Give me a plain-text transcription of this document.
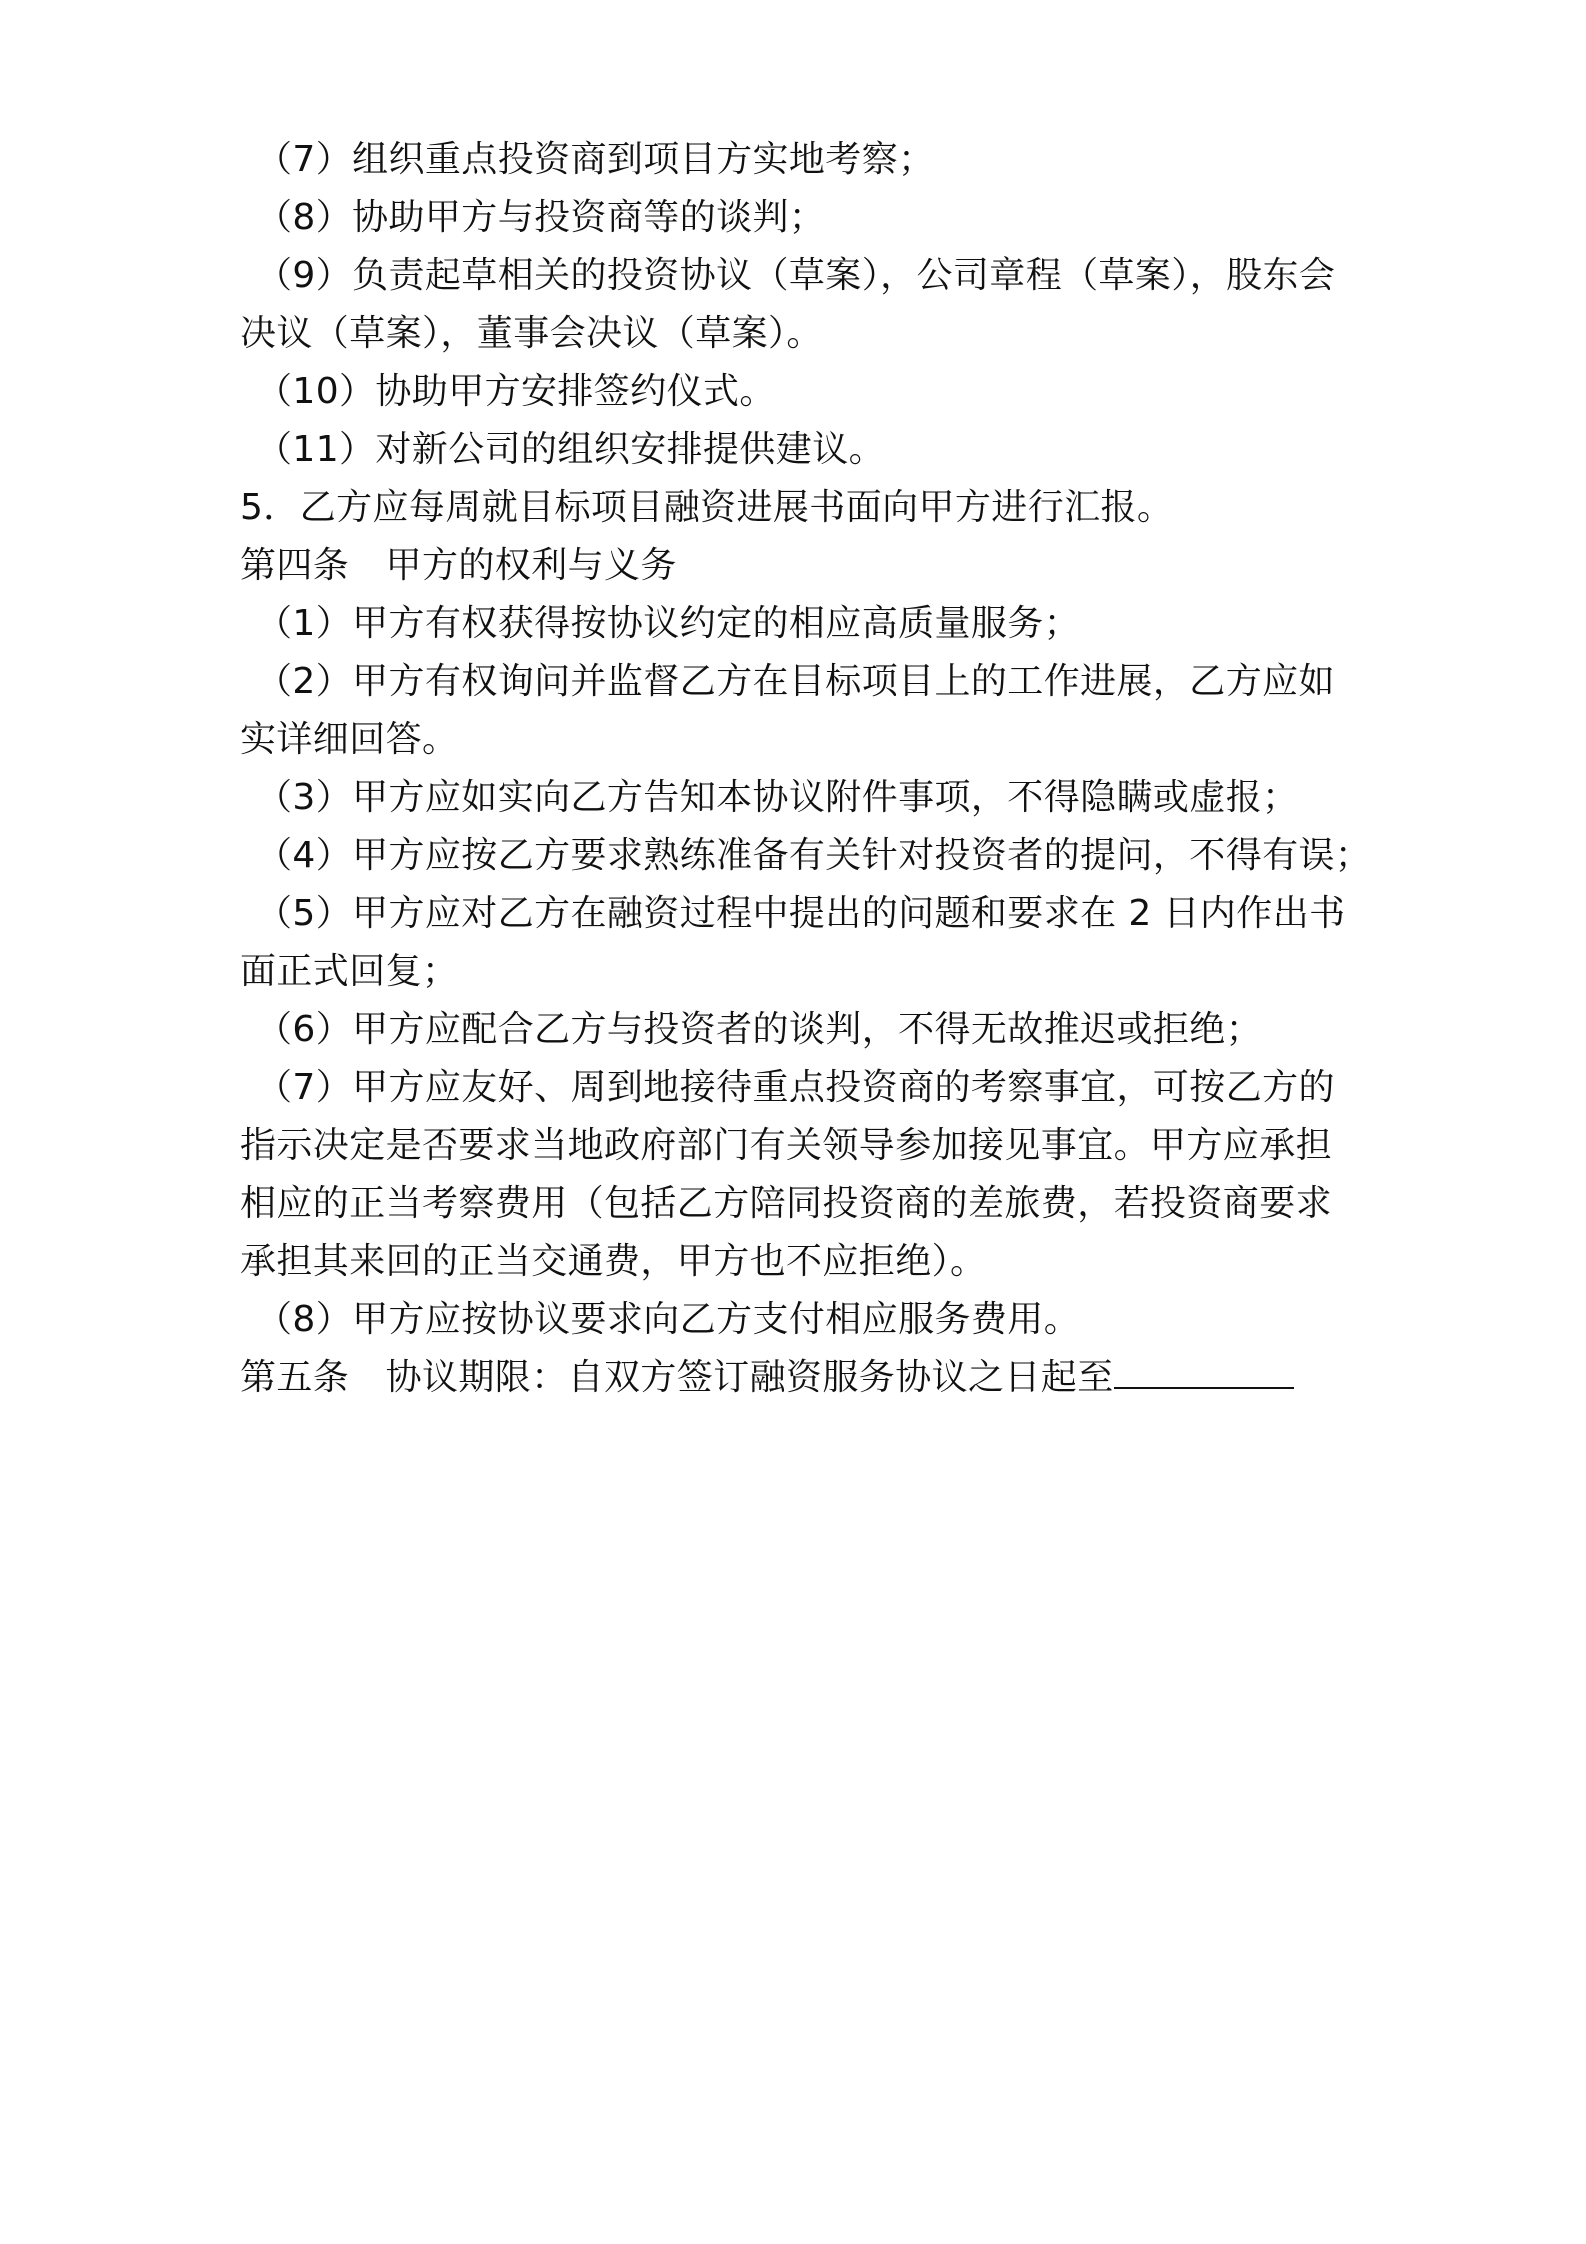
（7）组织重点投资商到项目方实地考察；
（8）协助甲方与投资商等的谈判；
（9）负责起草相关的投资协议（草案），公司章程（草案），股东会
决议（草案），董事会决议（草案）。
（10）协助甲方安排签约仪式。
（11）对新公司的组织安排提供建议。
5．乙方应每周就目标项目融资进展书面向甲方进行汇报。
第四条　甲方的权利与义务
（1）甲方有权获得按协议约定的相应高质量服务；
（2）甲方有权询问并监督乙方在目标项目上的工作进展，乙方应如
实详细回答。
（3）甲方应如实向乙方告知本协议附件事项，不得隐瞒或虚报；
（4）甲方应按乙方要求熟练准备有关针对投资者的提问，不得有误；
（5）甲方应对乙方在融资过程中提出的问题和要求在 2 日内作出书
面正式回复；
（6）甲方应配合乙方与投资者的谈判，不得无故推迟或拒绝；
（7）甲方应友好、周到地接待重点投资商的考察事宜，可按乙方的
指示决定是否要求当地政府部门有关领导参加接见事宜。甲方应承担
相应的正当考察费用（包括乙方陪同投资商的差旅费，若投资商要求
承担其来回的正当交通费，甲方也不应拒绝）。
（8）甲方应按协议要求向乙方支付相应服务费用。
第五条　协议期限：自双方签订融资服务协议之日起至
